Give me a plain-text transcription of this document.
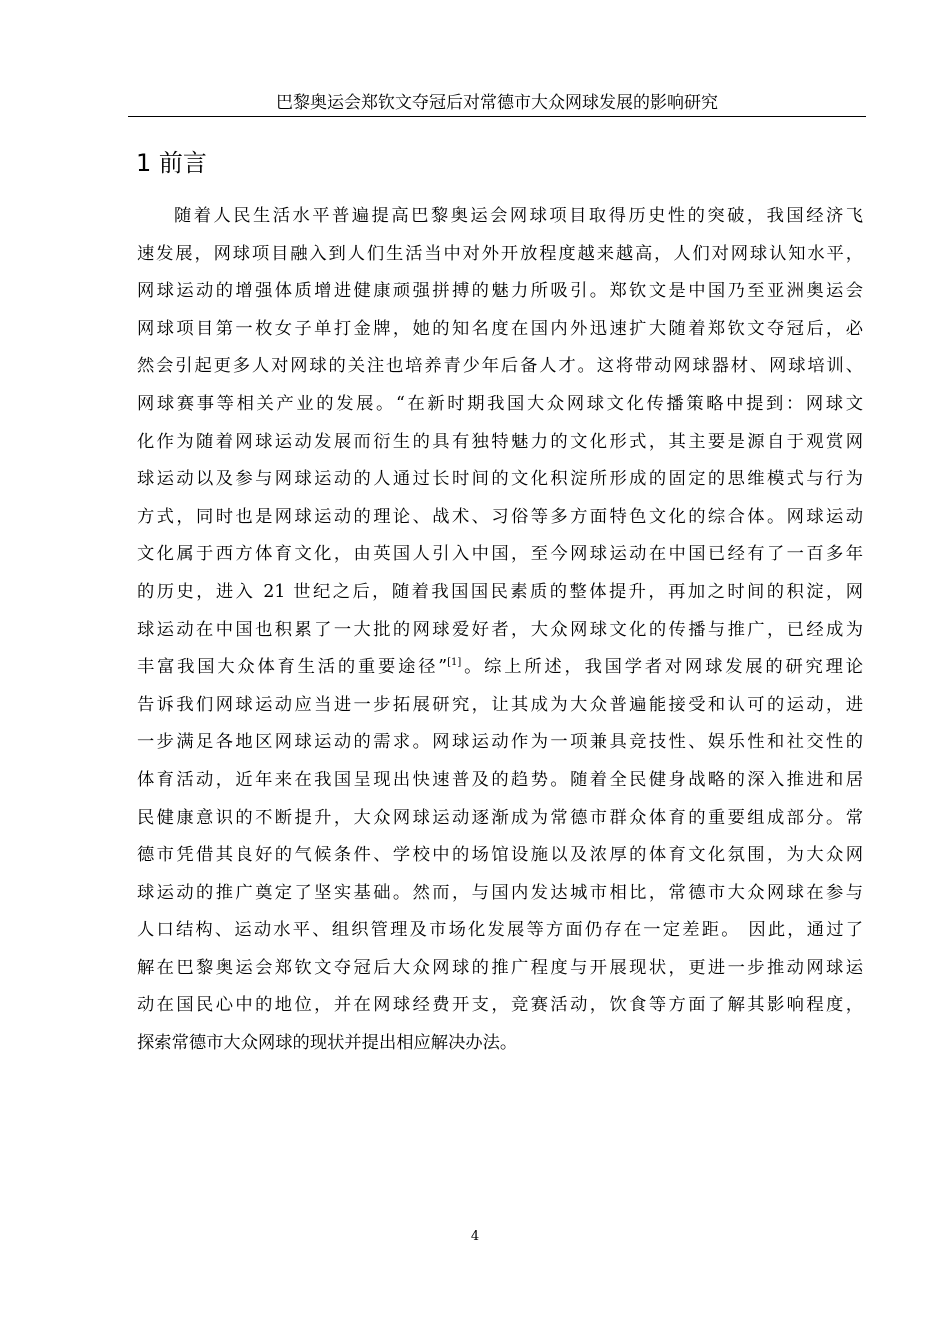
巴黎奥运会郑钦文夺冠后对常德市大众网球发展的影响研究
1 前言
随着人民生活水平普遍提高巴黎奥运会网球项目取得历史性的突破，我国经济飞
速发展，网球项目融入到人们生活当中对外开放程度越来越高，人们对网球认知水平，
网球运动的增强体质增进健康顽强拼搏的魅力所吸引。郑钦文是中国乃至亚洲奥运会
网球项目第一枚女子单打金牌，她的知名度在国内外迅速扩大随着郑钦文夺冠后，必
然会引起更多人对网球的关注也培养青少年后备人才。这将带动网球器材、网球培训、
网球赛事等相关产业的发展。“在新时期我国大众网球文化传播策略中提到：网球文
化作为随着网球运动发展而衍生的具有独特魅力的文化形式，其主要是源自于观赏网
球运动以及参与网球运动的人通过长时间的文化积淀所形成的固定的思维模式与行为
方式，同时也是网球运动的理论、战术、习俗等多方面特色文化的综合体。网球运动
文化属于西方体育文化，由英国人引入中国，至今网球运动在中国已经有了一百多年
的历史，进入 21 世纪之后，随着我国国民素质的整体提升，再加之时间的积淀，网
球运动在中国也积累了一大批的网球爱好者，大众网球文化的传播与推广，已经成为
丰富我国大众体育生活的重要途径”[1]。综上所述，我国学者对网球发展的研究理论
告诉我们网球运动应当进一步拓展研究，让其成为大众普遍能接受和认可的运动，进
一步满足各地区网球运动的需求。网球运动作为一项兼具竞技性、娱乐性和社交性的
体育活动，近年来在我国呈现出快速普及的趋势。随着全民健身战略的深入推进和居
民健康意识的不断提升，大众网球运动逐渐成为常德市群众体育的重要组成部分。常
德市凭借其良好的气候条件、学校中的场馆设施以及浓厚的体育文化氛围，为大众网
球运动的推广奠定了坚实基础。然而，与国内发达城市相比，常德市大众网球在参与
人口结构、运动水平、组织管理及市场化发展等方面仍存在一定差距。 因此，通过了
解在巴黎奥运会郑钦文夺冠后大众网球的推广程度与开展现状，更进一步推动网球运
动在国民心中的地位，并在网球经费开支，竞赛活动，饮食等方面了解其影响程度，
探索常德市大众网球的现状并提出相应解决办法。
4
